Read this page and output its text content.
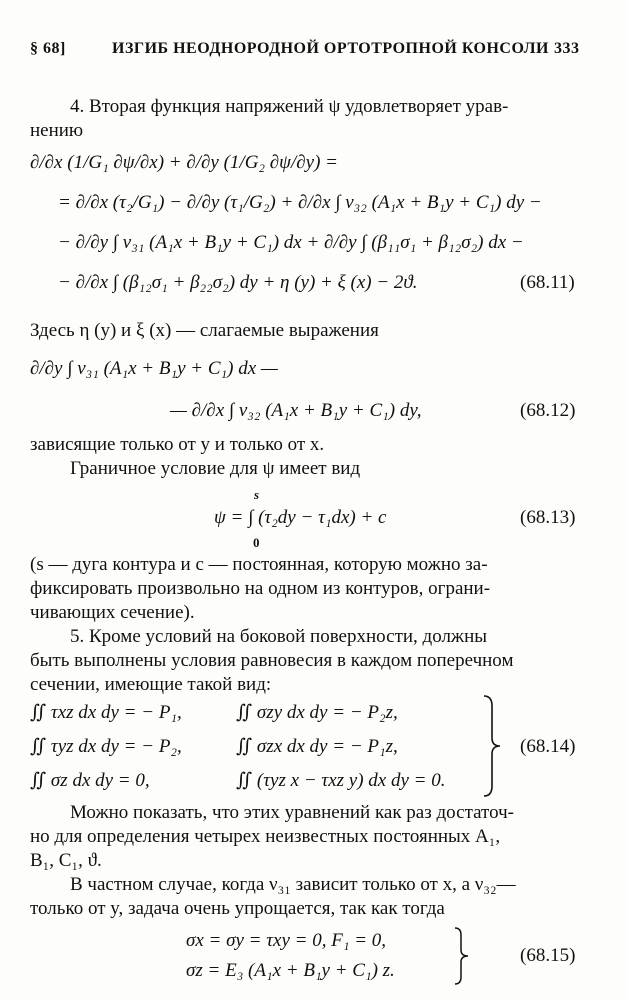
§ 68]	ИЗГИБ НЕОДНОРОДНОЙ ОРТОТРОПНОЙ КОНСОЛИ 333
4. Вторая функция напряжений ψ удовлетворяет урав-
нению
∂/∂x (1/G₁ ∂ψ/∂x) + ∂/∂y (1/G₂ ∂ψ/∂y) =
= ∂/∂x (τ₂/G₁) − ∂/∂y (τ₁/G₂) + ∂/∂x ∫ ν₃₂ (A₁x + B₁y + C₁) dy −
− ∂/∂y ∫ ν₃₁ (A₁x + B₁y + C₁) dx + ∂/∂y ∫ (β₁₁σ₁ + β₁₂σ₂) dx −
− ∂/∂x ∫ (β₁₂σ₁ + β₂₂σ₂) dy + η (y) + ξ (x) − 2ϑ.	(68.11)
Здесь η (y) и ξ (x) — слагаемые выражения
∂/∂y ∫ ν₃₁ (A₁x + B₁y + C₁) dx —
— ∂/∂x ∫ ν₃₂ (A₁x + B₁y + C₁) dy,	(68.12)
зависящие только от y и только от x.
Граничное условие для ψ имеет вид
s
ψ = ∫ (τ₂dy − τ₁dx) + c
0
(68.13)
(s — дуга контура и c — постоянная, которую можно за-
фиксировать произвольно на одном из контуров, ограни-
чивающих сечение).
5. Кроме условий на боковой поверхности, должны
быть выполнены условия равновесия в каждом поперечном
сечении, имеющие такой вид:
∬ τxz dx dy = − P₁,	∬ σzy dx dy = − P₂z,
∬ τyz dx dy = − P₂,	∬ σzx dx dy = − P₁z,
∬ σz dx dy = 0,	∬ (τyz x − τxz y) dx dy = 0.
(68.14)
Можно показать, что этих уравнений как раз достаточ-
но для определения четырех неизвестных постоянных A₁,
B₁, C₁, ϑ.
В частном случае, когда ν₃₁ зависит только от x, а ν₃₂—
только от y, задача очень упрощается, так как тогда
σx = σy = τxy = 0, F₁ = 0,
σz = E₃ (A₁x + B₁y + C₁) z.
(68.15)
